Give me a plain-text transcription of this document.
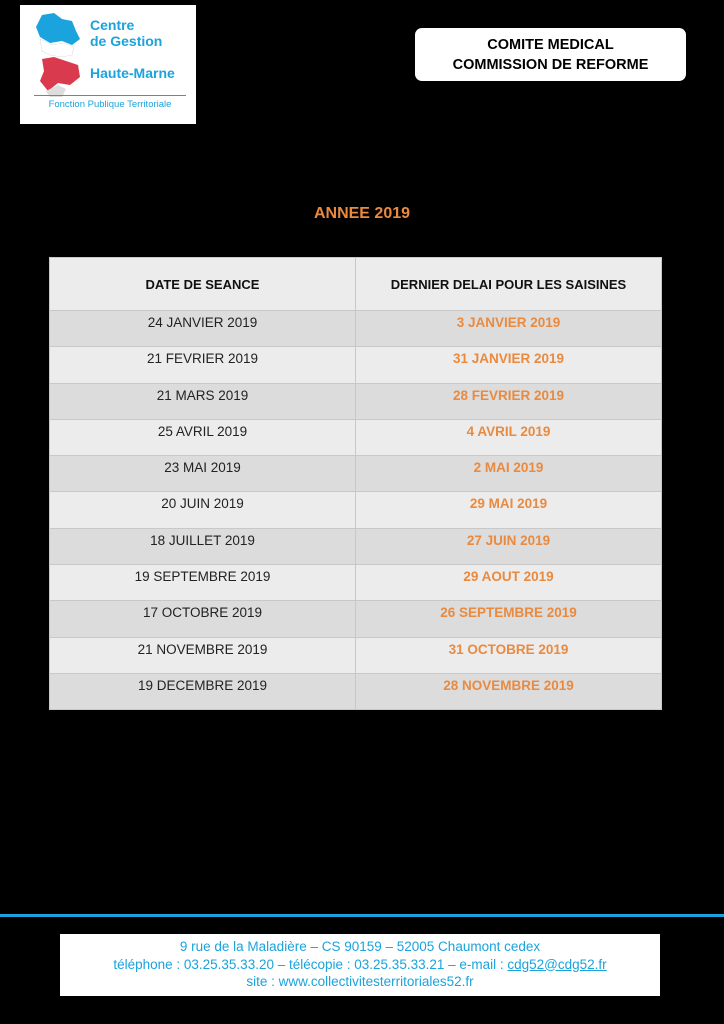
Centre
de Gestion
Haute-Marne
Fonction Publique Territoriale
COMITE MEDICAL
COMMISSION DE REFORME
ANNEE 2019
DATE DE SEANCE	DERNIER DELAI POUR LES SAISINES
24 JANVIER 2019	3 JANVIER 2019
21 FEVRIER 2019	31 JANVIER 2019
21 MARS 2019	28 FEVRIER 2019
25 AVRIL 2019	4 AVRIL 2019
23 MAI 2019	2 MAI 2019
20 JUIN 2019	29 MAI 2019
18 JUILLET 2019	27 JUIN 2019
19 SEPTEMBRE 2019	29 AOUT 2019
17 OCTOBRE 2019	26 SEPTEMBRE 2019
21 NOVEMBRE 2019	31 OCTOBRE 2019
19 DECEMBRE 2019	28 NOVEMBRE 2019
9 rue de la Maladière – CS 90159 – 52005 Chaumont cedex
téléphone : 03.25.35.33.20 – télécopie : 03.25.35.33.21 – e-mail : cdg52@cdg52.fr
site : www.collectivitesterritoriales52.fr
